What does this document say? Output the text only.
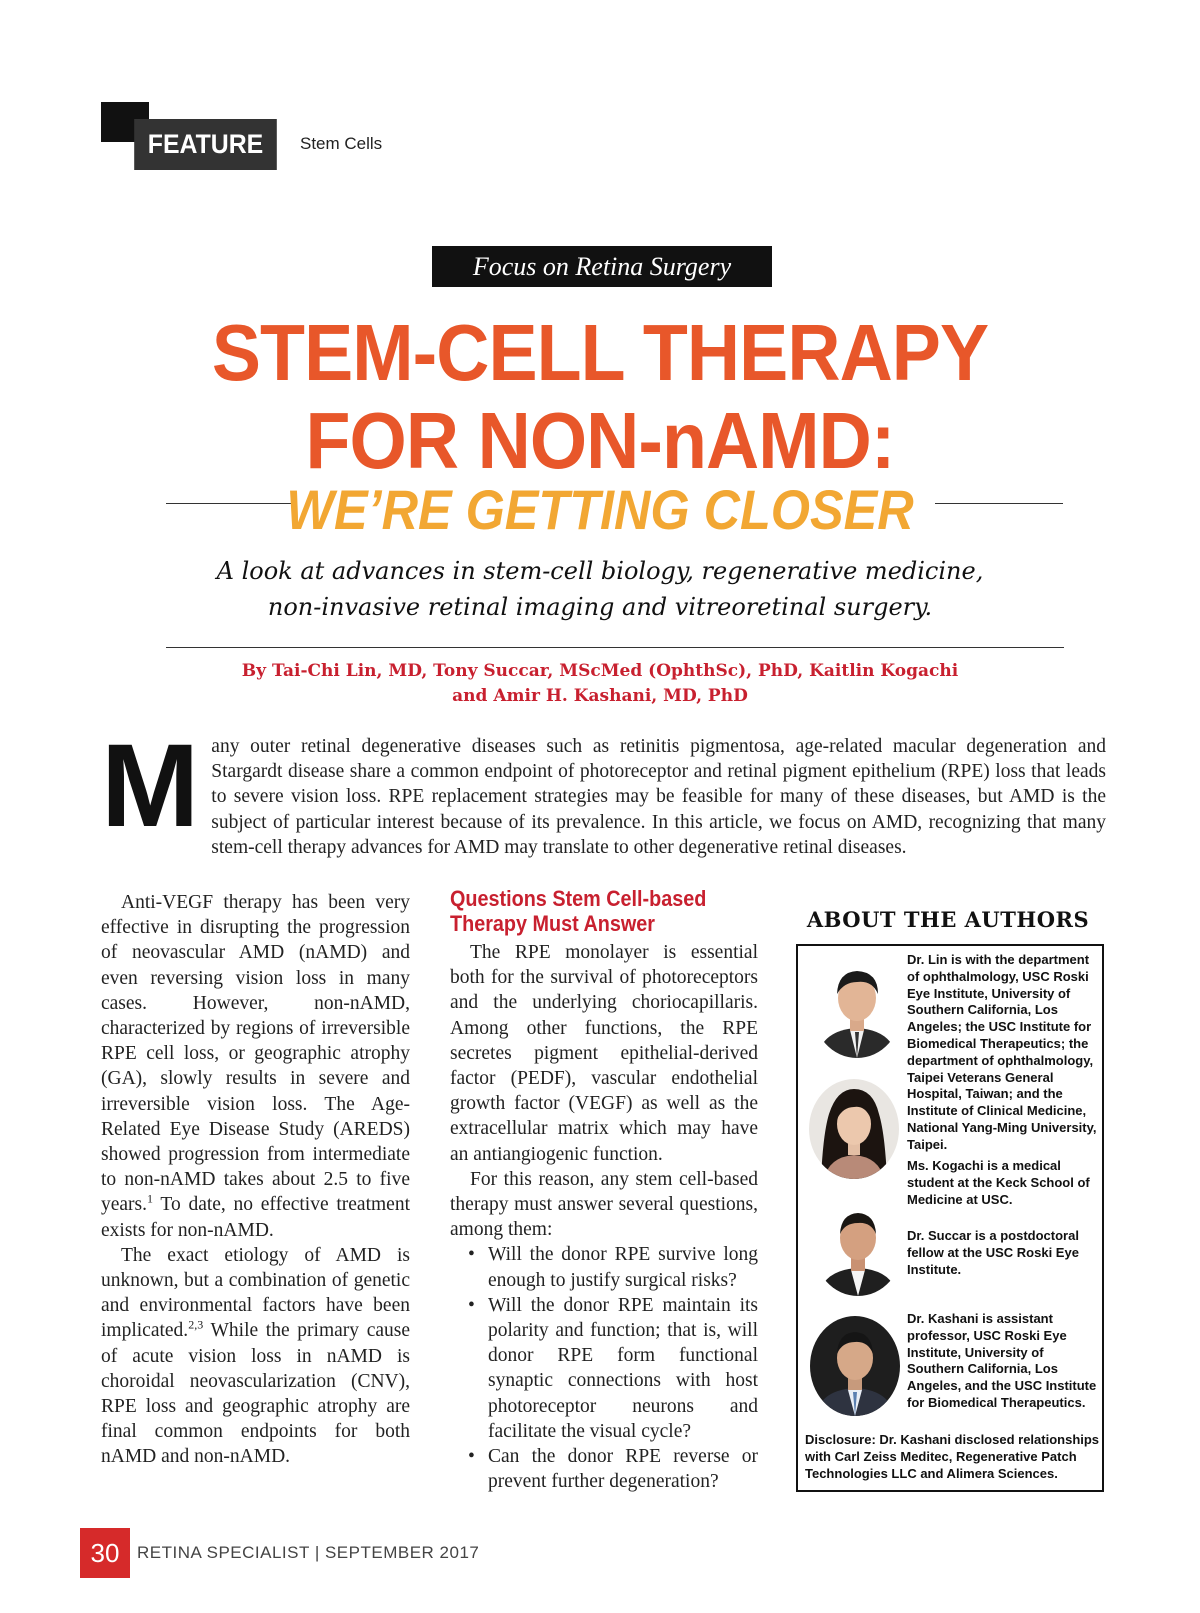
FEATURE	Stem Cells
Focus on Retina Surgery
STEM-CELL THERAPY
FOR NON-nAMD:
WE’RE GETTING CLOSER
A look at advances in stem-cell biology, regenerative medicine,
non-invasive retinal imaging and vitreoretinal surgery.
By Tai-Chi Lin, MD, Tony Succar, MScMed (OphthSc), PhD, Kaitlin Kogachi
and Amir H. Kashani, MD, PhD
M any outer retinal degenerative diseases such as retinitis pigmentosa, age-related macular degeneration and Stargardt disease share a common endpoint of photoreceptor and retinal pigment epithelium (RPE) loss that leads to severe vision loss. RPE replacement strategies may be feasible for many of these diseases, but AMD is the subject of particular interest because of its prevalence. In this article, we focus on AMD, recognizing that many stem-cell therapy advances for AMD may translate to other degenerative retinal diseases.

Anti-VEGF therapy has been very effective in disrupting the progression of neovascular AMD (nAMD) and even reversing vision loss in many cases. However, non-nAMD, characterized by regions of irreversible RPE cell loss, or geographic atrophy (GA), slowly results in severe and irreversible vision loss. The Age-Related Eye Disease Study (AREDS) showed progression from intermediate to non-nAMD takes about 2.5 to five years.$^1$ To date, no effective treatment exists for non-nAMD.

The exact etiology of AMD is unknown, but a combination of genetic and environmental factors have been implicated.$^{2,3}$ While the primary cause of acute vision loss in nAMD is choroidal neovascularization (CNV), RPE loss and geographic atrophy are final common endpoints for both nAMD and non-nAMD.

Questions Stem Cell-based
Therapy Must Answer

The RPE monolayer is essential both for the survival of photoreceptors and the underlying choriocapillaris. Among other functions, the RPE secretes pigment epithelial-derived factor (PEDF), vascular endothelial growth factor (VEGF) as well as the extracellular matrix which may have an antiangiogenic function.

For this reason, any stem cell-based therapy must answer several questions, among them:

• Will the donor RPE survive long enough to justify surgical risks?
• Will the donor RPE maintain its polarity and function; that is, will donor RPE form functional synaptic connections with host photoreceptor neurons and facilitate the visual cycle?
• Can the donor RPE reverse or prevent further degeneration?
ABOUT THE AUTHORS
Dr. Lin is with the department of ophthalmology, USC Roski Eye Institute, University of Southern California, Los Angeles; the USC Institute for Biomedical Therapeutics; the department of ophthalmology, Taipei Veterans General Hospital, Taiwan; and the Institute of Clinical Medicine, National Yang-Ming University, Taipei.
Ms. Kogachi is a medical student at the Keck School of Medicine at USC.
Dr. Succar is a postdoctoral fellow at the USC Roski Eye Institute.
Dr. Kashani is assistant professor, USC Roski Eye Institute, University of Southern California, Los Angeles, and the USC Institute for Biomedical Therapeutics.
Disclosure: Dr. Kashani disclosed relationships with Carl Zeiss Meditec, Regenerative Patch Technologies LLC and Alimera Sciences.
30	RETINA SPECIALIST | SEPTEMBER 2017
